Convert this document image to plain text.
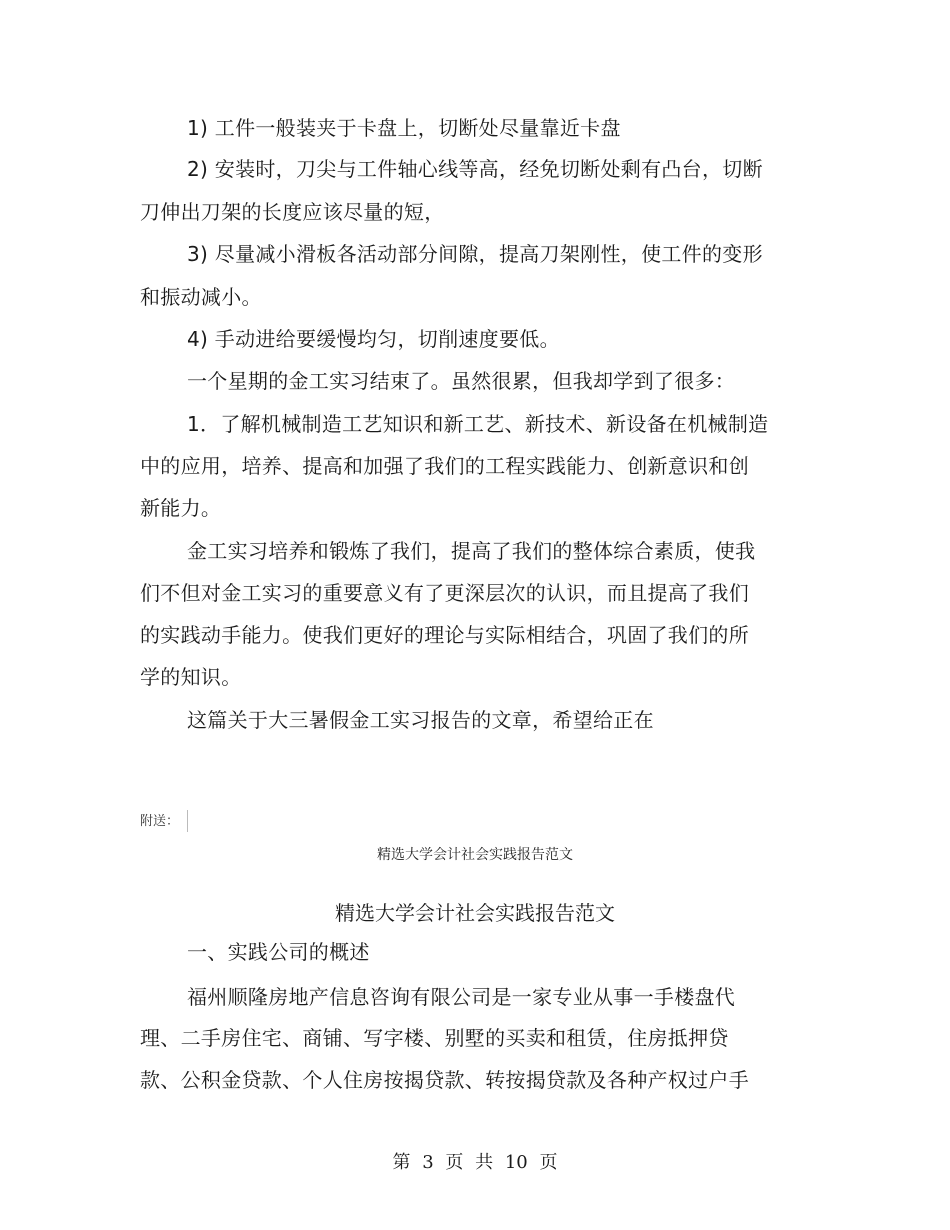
1) 工件一般装夹于卡盘上，切断处尽量靠近卡盘
2) 安装时，刀尖与工件轴心线等高，经免切断处剩有凸台，切断
刀伸出刀架的长度应该尽量的短，
3) 尽量减小滑板各活动部分间隙，提高刀架刚性，使工件的变形
和振动减小。
4) 手动进给要缓慢均匀，切削速度要低。
一个星期的金工实习结束了。虽然很累，但我却学到了很多：
1．了解机械制造工艺知识和新工艺、新技术、新设备在机械制造
中的应用，培养、提高和加强了我们的工程实践能力、创新意识和创
新能力。
金工实习培养和锻炼了我们，提高了我们的整体综合素质，使我
们不但对金工实习的重要意义有了更深层次的认识，而且提高了我们
的实践动手能力。使我们更好的理论与实际相结合，巩固了我们的所
学的知识。
这篇关于大三暑假金工实习报告的文章，希望给正在
附送：
精选大学会计社会实践报告范文
精选大学会计社会实践报告范文
一、实践公司的概述
福州顺隆房地产信息咨询有限公司是一家专业从事一手楼盘代
理、二手房住宅、商铺、写字楼、别墅的买卖和租赁，住房抵押贷
款、公积金贷款、个人住房按揭贷款、转按揭贷款及各种产权过户手
第 3 页 共 10 页
